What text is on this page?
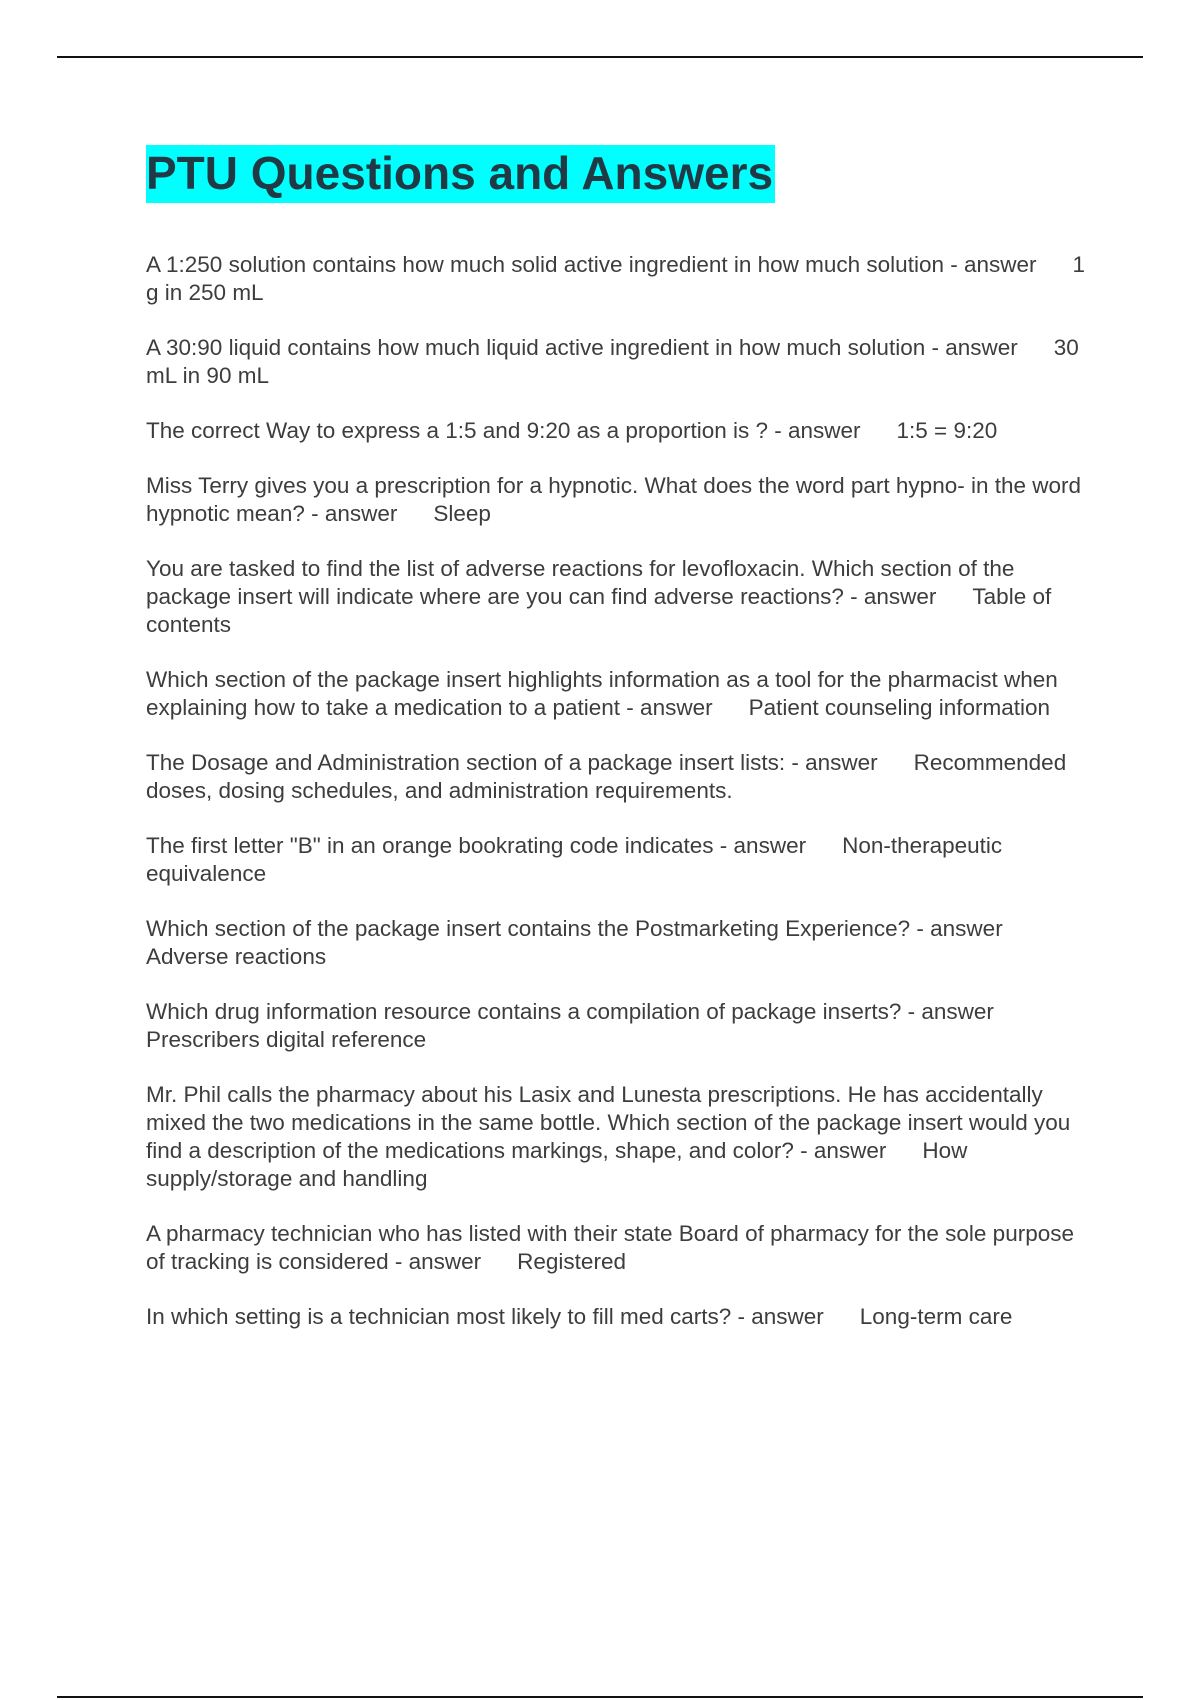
PTU Questions and Answers

A 1:250 solution contains how much solid active ingredient in how much solution - answer 1 g in 250 mL

A 30:90 liquid contains how much liquid active ingredient in how much solution - answer 30 mL in 90 mL

The correct Way to express a 1:5 and 9:20 as a proportion is ? - answer 1:5 = 9:20

Miss Terry gives you a prescription for a hypnotic. What does the word part hypno- in the word hypnotic mean? - answer Sleep

You are tasked to find the list of adverse reactions for levofloxacin. Which section of the package insert will indicate where are you can find adverse reactions? - answer Table of contents

Which section of the package insert highlights information as a tool for the pharmacist when explaining how to take a medication to a patient - answer Patient counseling information

The Dosage and Administration section of a package insert lists: - answer Recommended doses, dosing schedules, and administration requirements.

The first letter "B" in an orange bookrating code indicates - answer Non-therapeutic equivalence

Which section of the package insert contains the Postmarketing Experience? - answerAdverse reactions

Which drug information resource contains a compilation of package inserts? - answerPrescribers digital reference

Mr. Phil calls the pharmacy about his Lasix and Lunesta prescriptions. He has accidentally mixed the two medications in the same bottle. Which section of the package insert would you find a description of the medications markings, shape, and color? - answer How supply/storage and handling

A pharmacy technician who has listed with their state Board of pharmacy for the sole purpose of tracking is considered - answer Registered

In which setting is a technician most likely to fill med carts? - answer Long-term care
